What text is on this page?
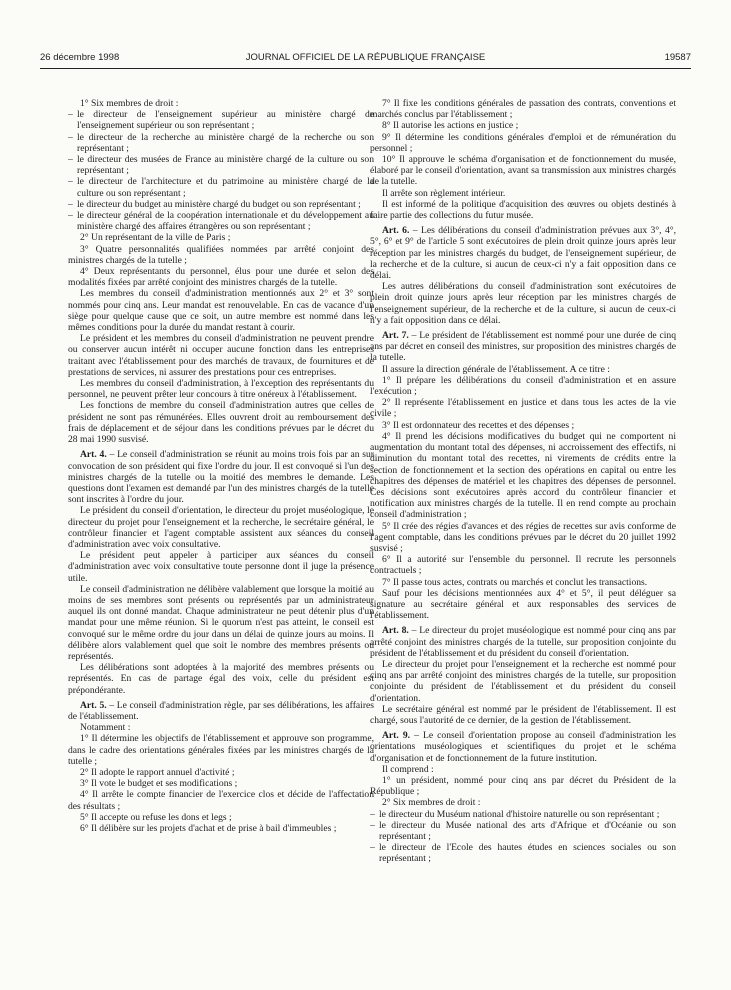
26 décembre 1998	JOURNAL OFFICIEL DE LA RÉPUBLIQUE FRANÇAISE	19587

1° Six membres de droit :

– le directeur de l'enseignement supérieur au ministère chargé de l'enseignement supérieur ou son représentant ;

– le directeur de la recherche au ministère chargé de la recherche ou son représentant ;

– le directeur des musées de France au ministère chargé de la culture ou son représentant ;

– le directeur de l'architecture et du patrimoine au ministère chargé de la culture ou son représentant ;

– le directeur du budget au ministère chargé du budget ou son représentant ;

– le directeur général de la coopération internationale et du développement au ministère chargé des affaires étrangères ou son représentant ;

2° Un représentant de la ville de Paris ;

3° Quatre personnalités qualifiées nommées par arrêté conjoint des ministres chargés de la tutelle ;

4° Deux représentants du personnel, élus pour une durée et selon des modalités fixées par arrêté conjoint des ministres chargés de la tutelle.

Les membres du conseil d'administration mentionnés aux 2° et 3° sont nommés pour cinq ans. Leur mandat est renouvelable. En cas de vacance d'un siège pour quelque cause que ce soit, un autre membre est nommé dans les mêmes conditions pour la durée du mandat restant à courir.

Le président et les membres du conseil d'administration ne peuvent prendre ou conserver aucun intérêt ni occuper aucune fonction dans les entreprises traitant avec l'établissement pour des marchés de travaux, de fournitures et de prestations de services, ni assurer des prestations pour ces entreprises.

Les membres du conseil d'administration, à l'exception des représentants du personnel, ne peuvent prêter leur concours à titre onéreux à l'établissement.

Les fonctions de membre du conseil d'administration autres que celles de président ne sont pas rémunérées. Elles ouvrent droit au remboursement des frais de déplacement et de séjour dans les conditions prévues par le décret du 28 mai 1990 susvisé.

Art. 4. – Le conseil d'administration se réunit au moins trois fois par an sur convocation de son président qui fixe l'ordre du jour. Il est convoqué si l'un des ministres chargés de la tutelle ou la moitié des membres le demande. Les questions dont l'examen est demandé par l'un des ministres chargés de la tutelle sont inscrites à l'ordre du jour.

Le président du conseil d'orientation, le directeur du projet muséologique, le directeur du projet pour l'enseignement et la recherche, le secrétaire général, le contrôleur financier et l'agent comptable assistent aux séances du conseil d'administration avec voix consultative.

Le président peut appeler à participer aux séances du conseil d'administration avec voix consultative toute personne dont il juge la présence utile.

Le conseil d'administration ne délibère valablement que lorsque la moitié au moins de ses membres sont présents ou représentés par un administrateur auquel ils ont donné mandat. Chaque administrateur ne peut détenir plus d'un mandat pour une même réunion. Si le quorum n'est pas atteint, le conseil est convoqué sur le même ordre du jour dans un délai de quinze jours au moins. Il délibère alors valablement quel que soit le nombre des membres présents ou représentés.

Les délibérations sont adoptées à la majorité des membres présents ou représentés. En cas de partage égal des voix, celle du président est prépondérante.

Art. 5. – Le conseil d'administration règle, par ses délibérations, les affaires de l'établissement.

Notamment :

1° Il détermine les objectifs de l'établissement et approuve son programme, dans le cadre des orientations générales fixées par les ministres chargés de la tutelle ;

2° Il adopte le rapport annuel d'activité ;

3° Il vote le budget et ses modifications ;

4° Il arrête le compte financier de l'exercice clos et décide de l'affectation des résultats ;

5° Il accepte ou refuse les dons et legs ;

6° Il délibère sur les projets d'achat et de prise à bail d'immeubles ;

7° Il fixe les conditions générales de passation des contrats, conventions et marchés conclus par l'établissement ;

8° Il autorise les actions en justice ;

9° Il détermine les conditions générales d'emploi et de rémunération du personnel ;

10° Il approuve le schéma d'organisation et de fonctionnement du musée, élaboré par le conseil d'orientation, avant sa transmission aux ministres chargés de la tutelle.

Il arrête son règlement intérieur.

Il est informé de la politique d'acquisition des œuvres ou objets destinés à faire partie des collections du futur musée.

Art. 6. – Les délibérations du conseil d'administration prévues aux 3°, 4°, 5°, 6° et 9° de l'article 5 sont exécutoires de plein droit quinze jours après leur réception par les ministres chargés du budget, de l'enseignement supérieur, de la recherche et de la culture, si aucun de ceux-ci n'y a fait opposition dans ce délai.

Les autres délibérations du conseil d'administration sont exécutoires de plein droit quinze jours après leur réception par les ministres chargés de l'enseignement supérieur, de la recherche et de la culture, si aucun de ceux-ci n'y a fait opposition dans ce délai.

Art. 7. – Le président de l'établissement est nommé pour une durée de cinq ans par décret en conseil des ministres, sur proposition des ministres chargés de la tutelle.

Il assure la direction générale de l'établissement. A ce titre :

1° Il prépare les délibérations du conseil d'administration et en assure l'exécution ;

2° Il représente l'établissement en justice et dans tous les actes de la vie civile ;

3° Il est ordonnateur des recettes et des dépenses ;

4° Il prend les décisions modificatives du budget qui ne comportent ni augmentation du montant total des dépenses, ni accroissement des effectifs, ni diminution du montant total des recettes, ni virements de crédits entre la section de fonctionnement et la section des opérations en capital ou entre les chapitres des dépenses de matériel et les chapitres des dépenses de personnel. Ces décisions sont exécutoires après accord du contrôleur financier et notification aux ministres chargés de la tutelle. Il en rend compte au prochain conseil d'administration ;

5° Il crée des régies d'avances et des régies de recettes sur avis conforme de l'agent comptable, dans les conditions prévues par le décret du 20 juillet 1992 susvisé ;

6° Il a autorité sur l'ensemble du personnel. Il recrute les personnels contractuels ;

7° Il passe tous actes, contrats ou marchés et conclut les transactions.

Sauf pour les décisions mentionnées aux 4° et 5°, il peut déléguer sa signature au secrétaire général et aux responsables des services de l'établissement.

Art. 8. – Le directeur du projet muséologique est nommé pour cinq ans par arrêté conjoint des ministres chargés de la tutelle, sur proposition conjointe du président de l'établissement et du président du conseil d'orientation.

Le directeur du projet pour l'enseignement et la recherche est nommé pour cinq ans par arrêté conjoint des ministres chargés de la tutelle, sur proposition conjointe du président de l'établissement et du président du conseil d'orientation.

Le secrétaire général est nommé par le président de l'établissement. Il est chargé, sous l'autorité de ce dernier, de la gestion de l'établissement.

Art. 9. – Le conseil d'orientation propose au conseil d'administration les orientations muséologiques et scientifiques du projet et le schéma d'organisation et de fonctionnement de la future institution.

Il comprend :

1° un président, nommé pour cinq ans par décret du Président de la République ;

2° Six membres de droit :

– le directeur du Muséum national d'histoire naturelle ou son représentant ;

– le directeur du Musée national des arts d'Afrique et d'Océanie ou son représentant ;

– le directeur de l'Ecole des hautes études en sciences sociales ou son représentant ;
